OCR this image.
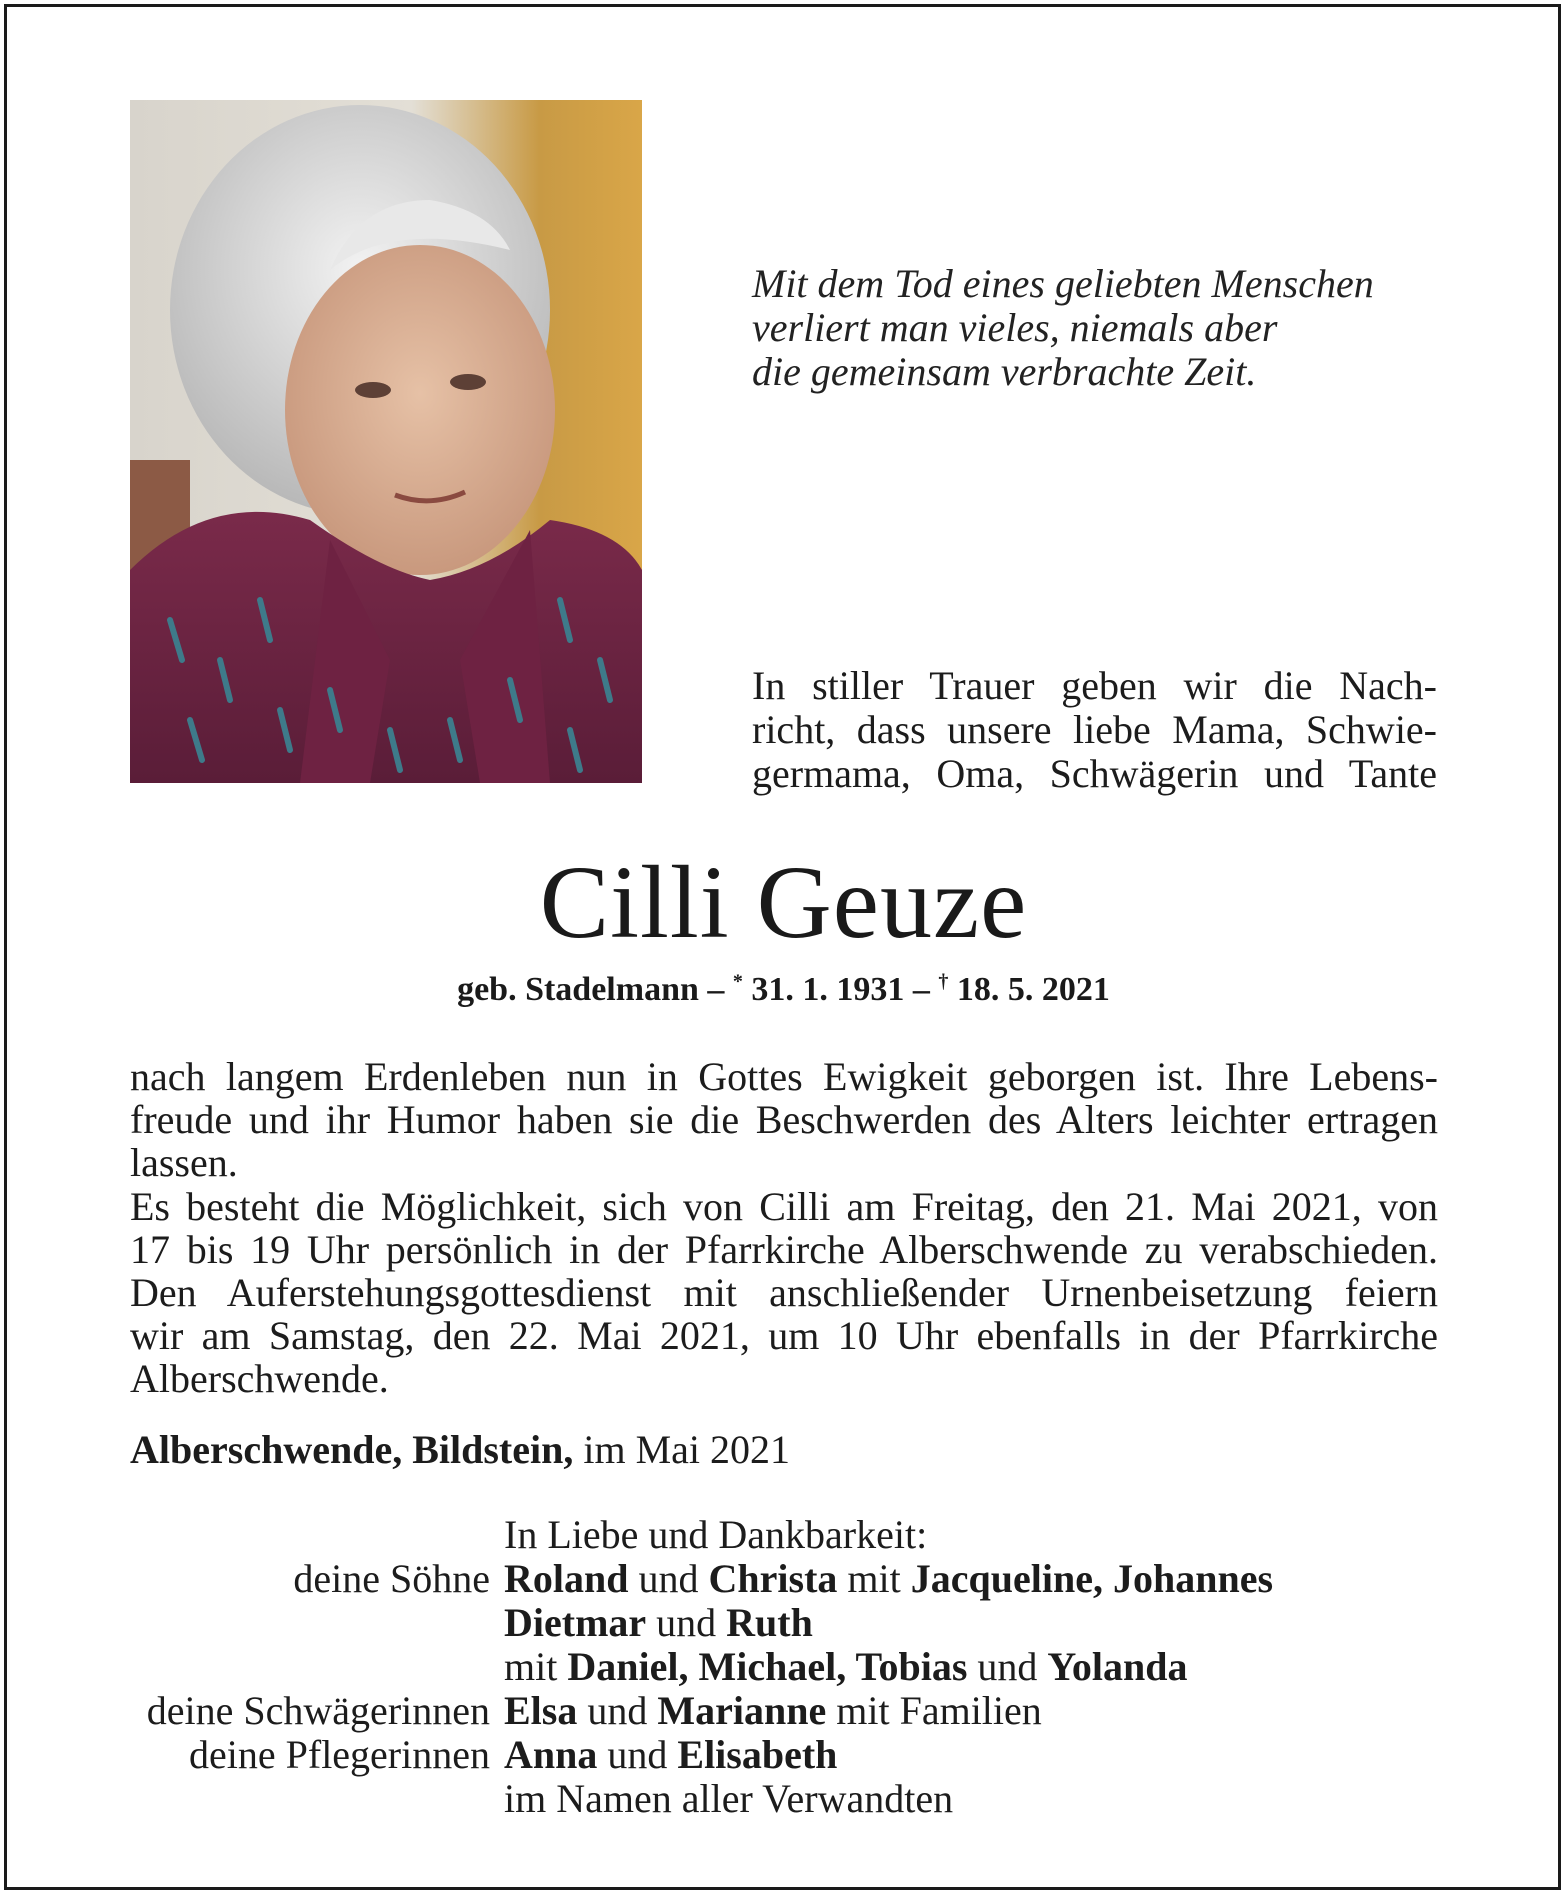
Mit dem Tod eines geliebten Menschen
verliert man vieles, niemals aber
die gemeinsam verbrachte Zeit.
In stiller Trauer geben wir die Nach-
richt, dass unsere liebe Mama, Schwie-
germama, Oma, Schwägerin und Tante
Cilli Geuze
geb. Stadelmann – * 31. 1. 1931 – † 18. 5. 2021
nach langem Erdenleben nun in Gottes Ewigkeit geborgen ist. Ihre Lebens-
freude und ihr Humor haben sie die Beschwerden des Alters leichter ertragen
lassen.
Es besteht die Möglichkeit, sich von Cilli am Freitag, den 21. Mai 2021, von
17 bis 19 Uhr persönlich in der Pfarrkirche Alberschwende zu verabschieden.
Den Auferstehungsgottesdienst mit anschließender Urnenbeisetzung feiern
wir am Samstag, den 22. Mai 2021, um 10 Uhr ebenfalls in der Pfarrkirche
Alberschwende.
Alberschwende, Bildstein, im Mai 2021
In Liebe und Dankbarkeit:
deine Söhne Roland und Christa mit Jacqueline, Johannes
Dietmar und Ruth
mit Daniel, Michael, Tobias und Yolanda
deine Schwägerinnen Elsa und Marianne mit Familien
deine Pflegerinnen Anna und Elisabeth
im Namen aller Verwandten
